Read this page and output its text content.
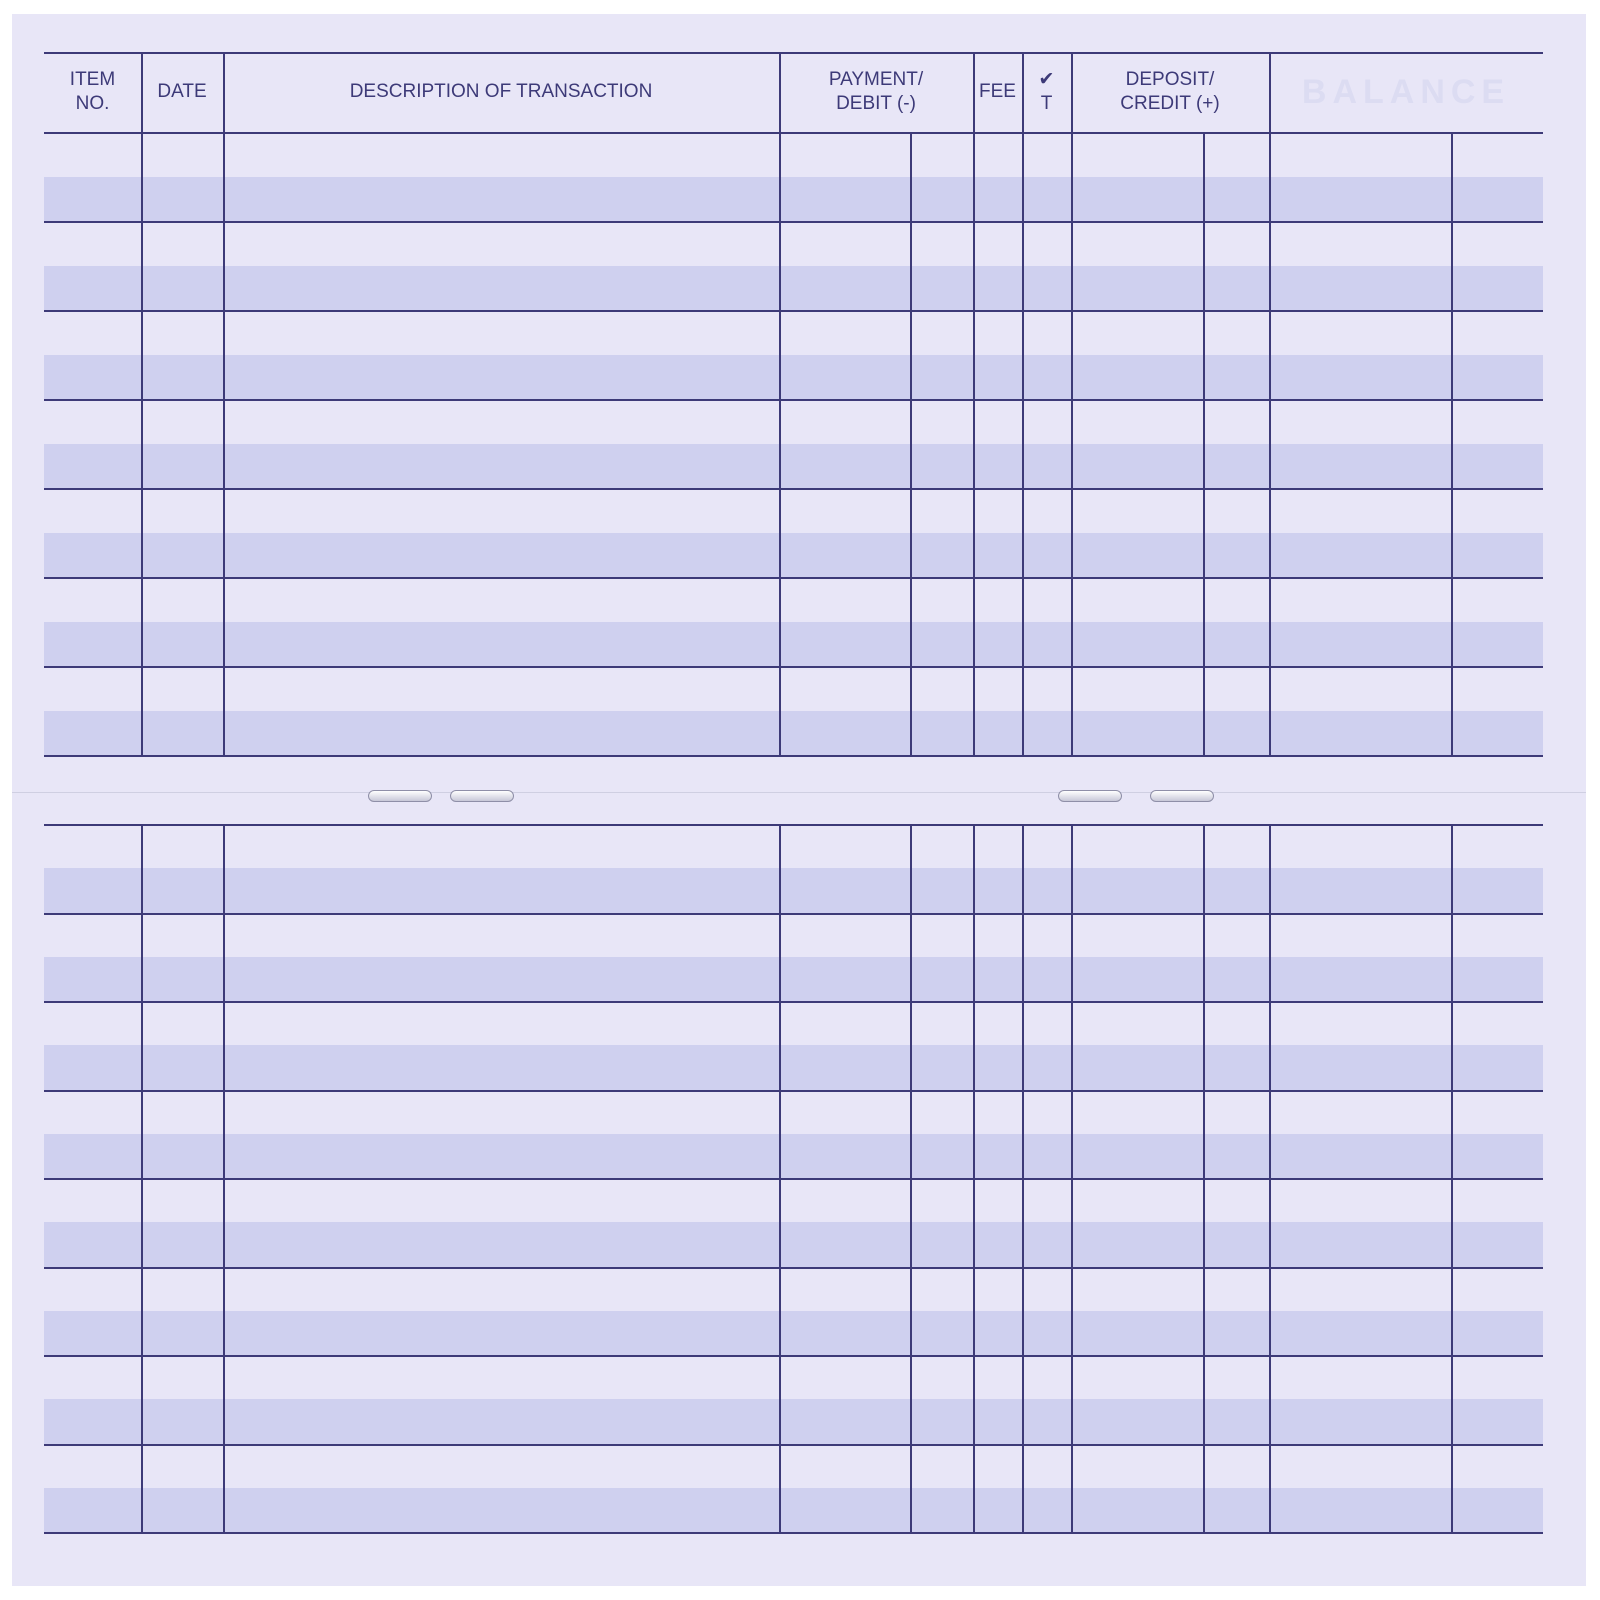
ITEM
NO.
DATE	DESCRIPTION OF TRANSACTION
PAYMENT/
DEBIT (-)
FEE
✔
T
DEPOSIT/
CREDIT (+)	BALANCE
